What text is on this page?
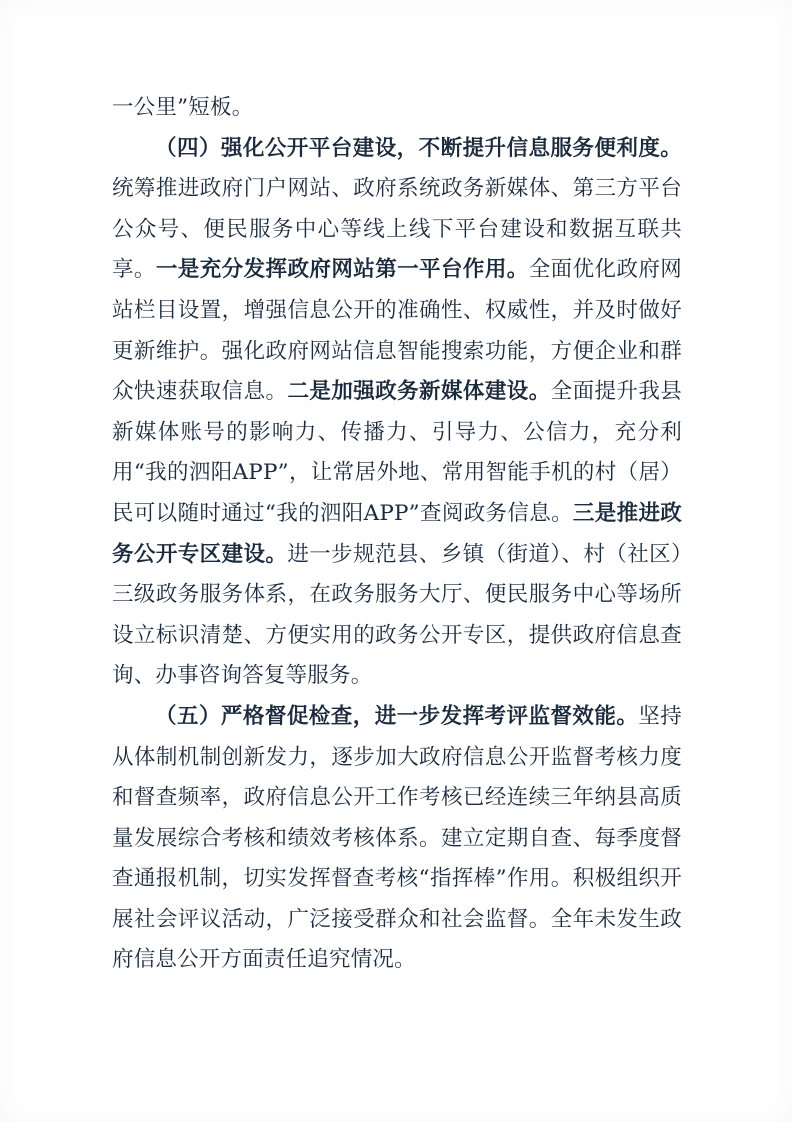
一公里”短板。

（四）强化公开平台建设，不断提升信息服务便利度。统筹推进政府门户网站、政府系统政务新媒体、第三方平台公众号、便民服务中心等线上线下平台建设和数据互联共享。一是充分发挥政府网站第一平台作用。全面优化政府网站栏目设置，增强信息公开的准确性、权威性，并及时做好更新维护。强化政府网站信息智能搜索功能，方便企业和群众快速获取信息。二是加强政务新媒体建设。全面提升我县新媒体账号的影响力、传播力、引导力、公信力，充分利用“我的泗阳APP”，让常居外地、常用智能手机的村（居）民可以随时通过“我的泗阳APP”查阅政务信息。三是推进政务公开专区建设。进一步规范县、乡镇（街道）、村（社区）三级政务服务体系，在政务服务大厅、便民服务中心等场所设立标识清楚、方便实用的政务公开专区，提供政府信息查询、办事咨询答复等服务。

（五）严格督促检查，进一步发挥考评监督效能。坚持从体制机制创新发力，逐步加大政府信息公开监督考核力度和督查频率，政府信息公开工作考核已经连续三年纳县高质量发展综合考核和绩效考核体系。建立定期自查、每季度督查通报机制，切实发挥督查考核“指挥棒”作用。积极组织开展社会评议活动，广泛接受群众和社会监督。全年未发生政府信息公开方面责任追究情况。
